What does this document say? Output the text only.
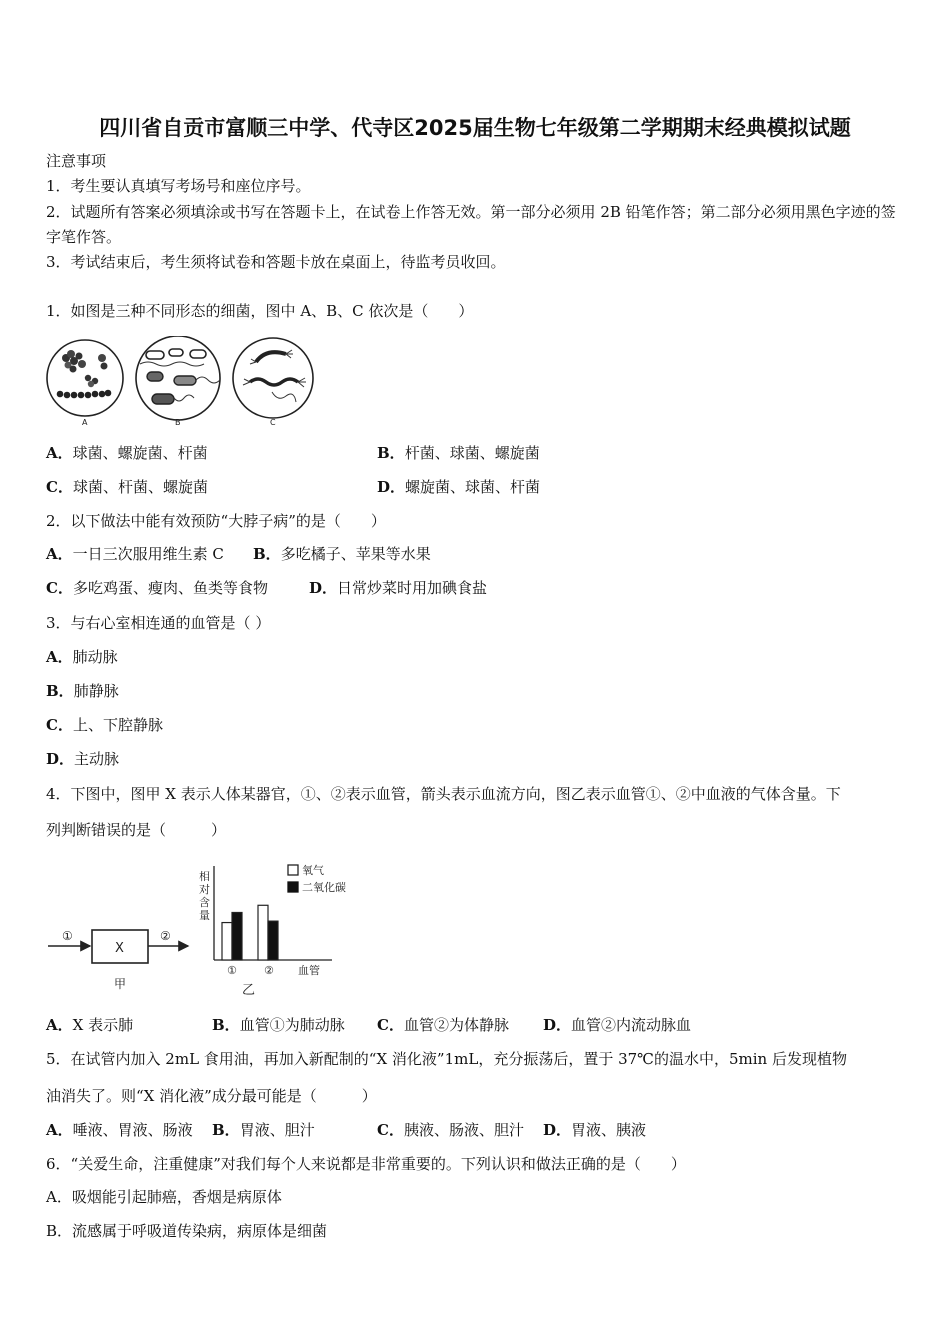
四川省自贡市富顺三中学、代寺区2025届生物七年级第二学期期末经典模拟试题
注意事项
1．考生要认真填写考场号和座位序号。
2．试题所有答案必须填涂或书写在答题卡上，在试卷上作答无效。第一部分必须用 2B 铅笔作答；第二部分必须用黑色字迹的签字笔作答。
3．考试结束后，考生须将试卷和答题卡放在桌面上，待监考员收回。
1．如图是三种不同形态的细菌，图中 A、B、C 依次是（　　）
A	B	C
A．球菌、螺旋菌、杆菌	B．杆菌、球菌、螺旋菌
C．球菌、杆菌、螺旋菌	D．螺旋菌、球菌、杆菌
2．以下做法中能有效预防“大脖子病”的是（　　）
A．一日三次服用维生素 C B．多吃橘子、苹果等水果
C．多吃鸡蛋、瘦肉、鱼类等食物	D．日常炒菜时用加碘食盐
3．与右心室相连通的血管是（ ）
A．肺动脉
B．肺静脉
C．上、下腔静脉
D．主动脉
4．下图中，图甲 X 表示人体某器官，①、②表示血管，箭头表示血流方向，图乙表示血管①、②中血液的气体含量。下
列判断错误的是（　　　）
①
X
②
甲
相
对
含
量
① ② 血管
乙
氧气
二氧化碳
A．X 表示肺	B．血管①为肺动脉 C．血管②为体静脉 D．血管②内流动脉血
5．在试管内加入 2mL 食用油，再加入新配制的“X 消化液”1mL，充分振荡后，置于 37℃的温水中，5min 后发现植物
油消失了。则“X 消化液”成分最可能是（　　　）
A．唾液、胃液、肠液 B．胃液、胆汁	C．胰液、肠液、胆汁 D．胃液、胰液
6．“关爱生命，注重健康”对我们每个人来说都是非常重要的。下列认识和做法正确的是（　　）
A．吸烟能引起肺癌，香烟是病原体
B．流感属于呼吸道传染病，病原体是细菌
